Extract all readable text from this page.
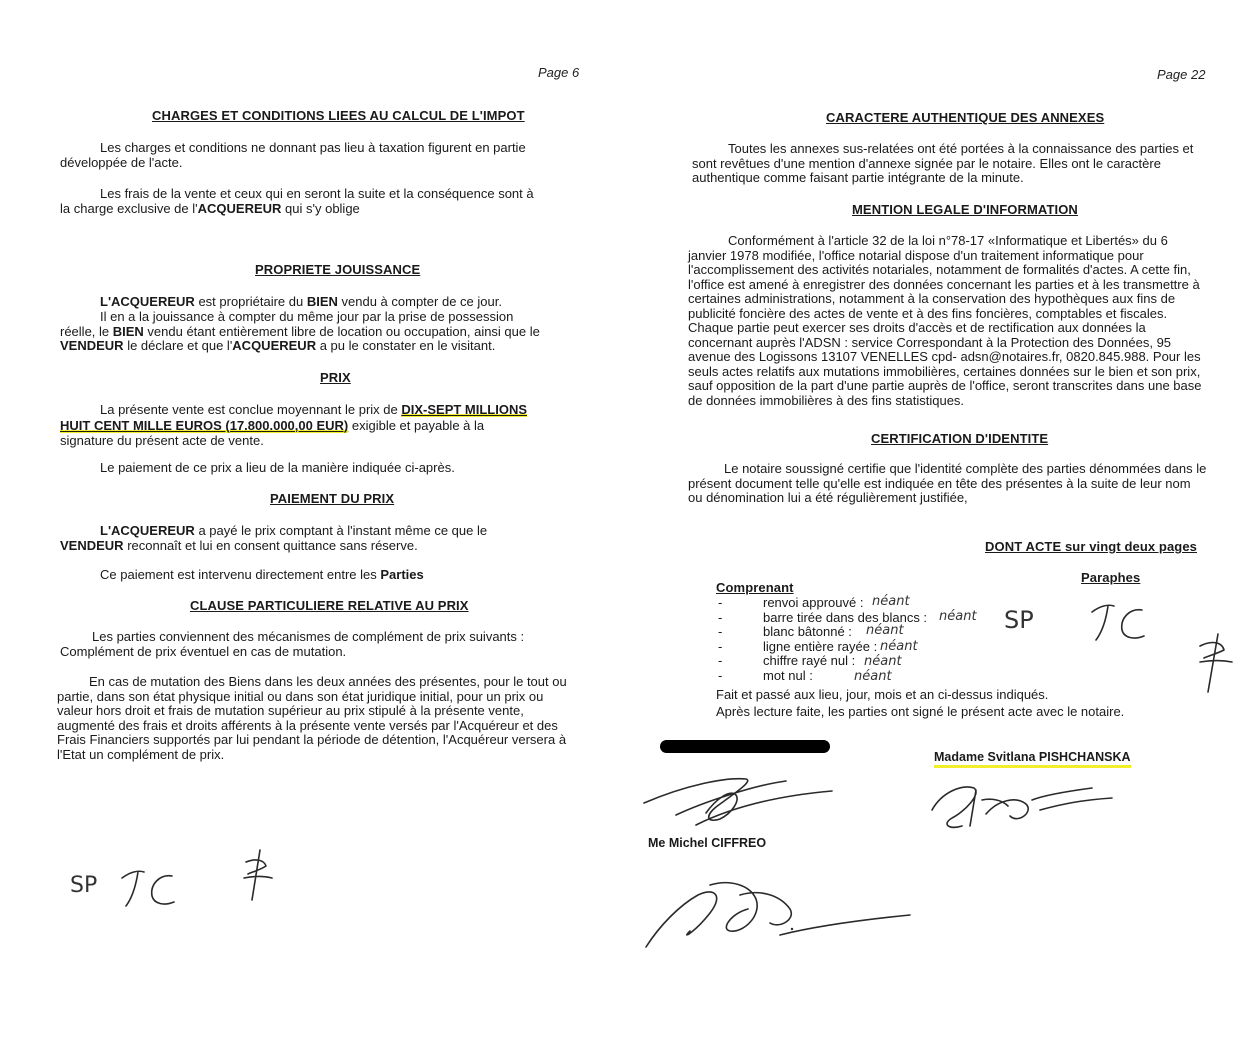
Page 6
CHARGES ET CONDITIONS LIEES AU CALCUL DE L'IMPOT

Les charges et conditions ne donnant pas lieu à taxation figurent en partie développée de l'acte.

Les frais de la vente et ceux qui en seront la suite et la conséquence sont à la charge exclusive de l'ACQUEREUR qui s'y oblige

PROPRIETE JOUISSANCE

L'ACQUEREUR est propriétaire du BIEN vendu à compter de ce jour.

Il en a la jouissance à compter du même jour par la prise de possession réelle, le BIEN vendu étant entièrement libre de location ou occupation, ainsi que le VENDEUR le déclare et que l'ACQUEREUR a pu le constater en le visitant.

PRIX

La présente vente est conclue moyennant le prix de DIX-SEPT MILLIONS HUIT CENT MILLE EUROS (17.800.000,00 EUR) exigible et payable à la signature du présent acte de vente.

Le paiement de ce prix a lieu de la manière indiquée ci-après.

PAIEMENT DU PRIX

L'ACQUEREUR a payé le prix comptant à l'instant même ce que le VENDEUR reconnaît et lui en consent quittance sans réserve.

Ce paiement est intervenu directement entre les Parties

CLAUSE PARTICULIERE RELATIVE AU PRIX

Les parties conviennent des mécanismes de complément de prix suivants : Complément de prix éventuel en cas de mutation.

En cas de mutation des Biens dans les deux années des présentes, pour le tout ou partie, dans son état physique initial ou dans son état juridique initial, pour un prix ou valeur hors droit et frais de mutation supérieur au prix stipulé à la présente vente, augmenté des frais et droits afférents à la présente vente versés par l'Acquéreur et des Frais Financiers supportés par lui pendant la période de détention, l'Acquéreur versera à l'Etat un complément de prix.

SP
Page 22
CARACTERE AUTHENTIQUE DES ANNEXES

Toutes les annexes sus-relatées ont été portées à la connaissance des parties et sont revêtues d'une mention d'annexe signée par le notaire. Elles ont le caractère authentique comme faisant partie intégrante de la minute.

MENTION LEGALE D'INFORMATION

Conformément à l'article 32 de la loi n°78-17 «Informatique et Libertés» du 6 janvier 1978 modifiée, l'office notarial dispose d'un traitement informatique pour l'accomplissement des activités notariales, notamment de formalités d'actes. A cette fin, l'office est amené à enregistrer des données concernant les parties et à les transmettre à certaines administrations, notamment à la conservation des hypothèques aux fins de publicité foncière des actes de vente et à des fins foncières, comptables et fiscales. Chaque partie peut exercer ses droits d'accès et de rectification aux données la concernant auprès l'ADSN : service Correspondant à la Protection des Données, 95 avenue des Logissons 13107 VENELLES cpd- adsn@notaires.fr, 0820.845.988. Pour les seuls actes relatifs aux mutations immobilières, certaines données sur le bien et son prix, sauf opposition de la part d'une partie auprès de l'office, seront transcrites dans une base de données immobilières à des fins statistiques.

CERTIFICATION D'IDENTITE

Le notaire soussigné certifie que l'identité complète des parties dénommées dans le présent document telle qu'elle est indiquée en tête des présentes à la suite de leur nom ou dénomination lui a été régulièrement justifiée,

DONT ACTE sur vingt deux pages
Paraphes
Comprenant
- renvoi approuvé :
- barre tirée dans des blancs :
- blanc bâtonné :
- ligne entière rayée :
- chiffre rayé nul :
- mot nul :
néant
néant
néant
néant
néant
néant
SP

Fait et passé aux lieu, jour, mois et an ci-dessus indiqués.

Après lecture faite, les parties ont signé le présent acte avec le notaire.

Madame Svitlana PISHCHANSKA
Me Michel CIFFREO
